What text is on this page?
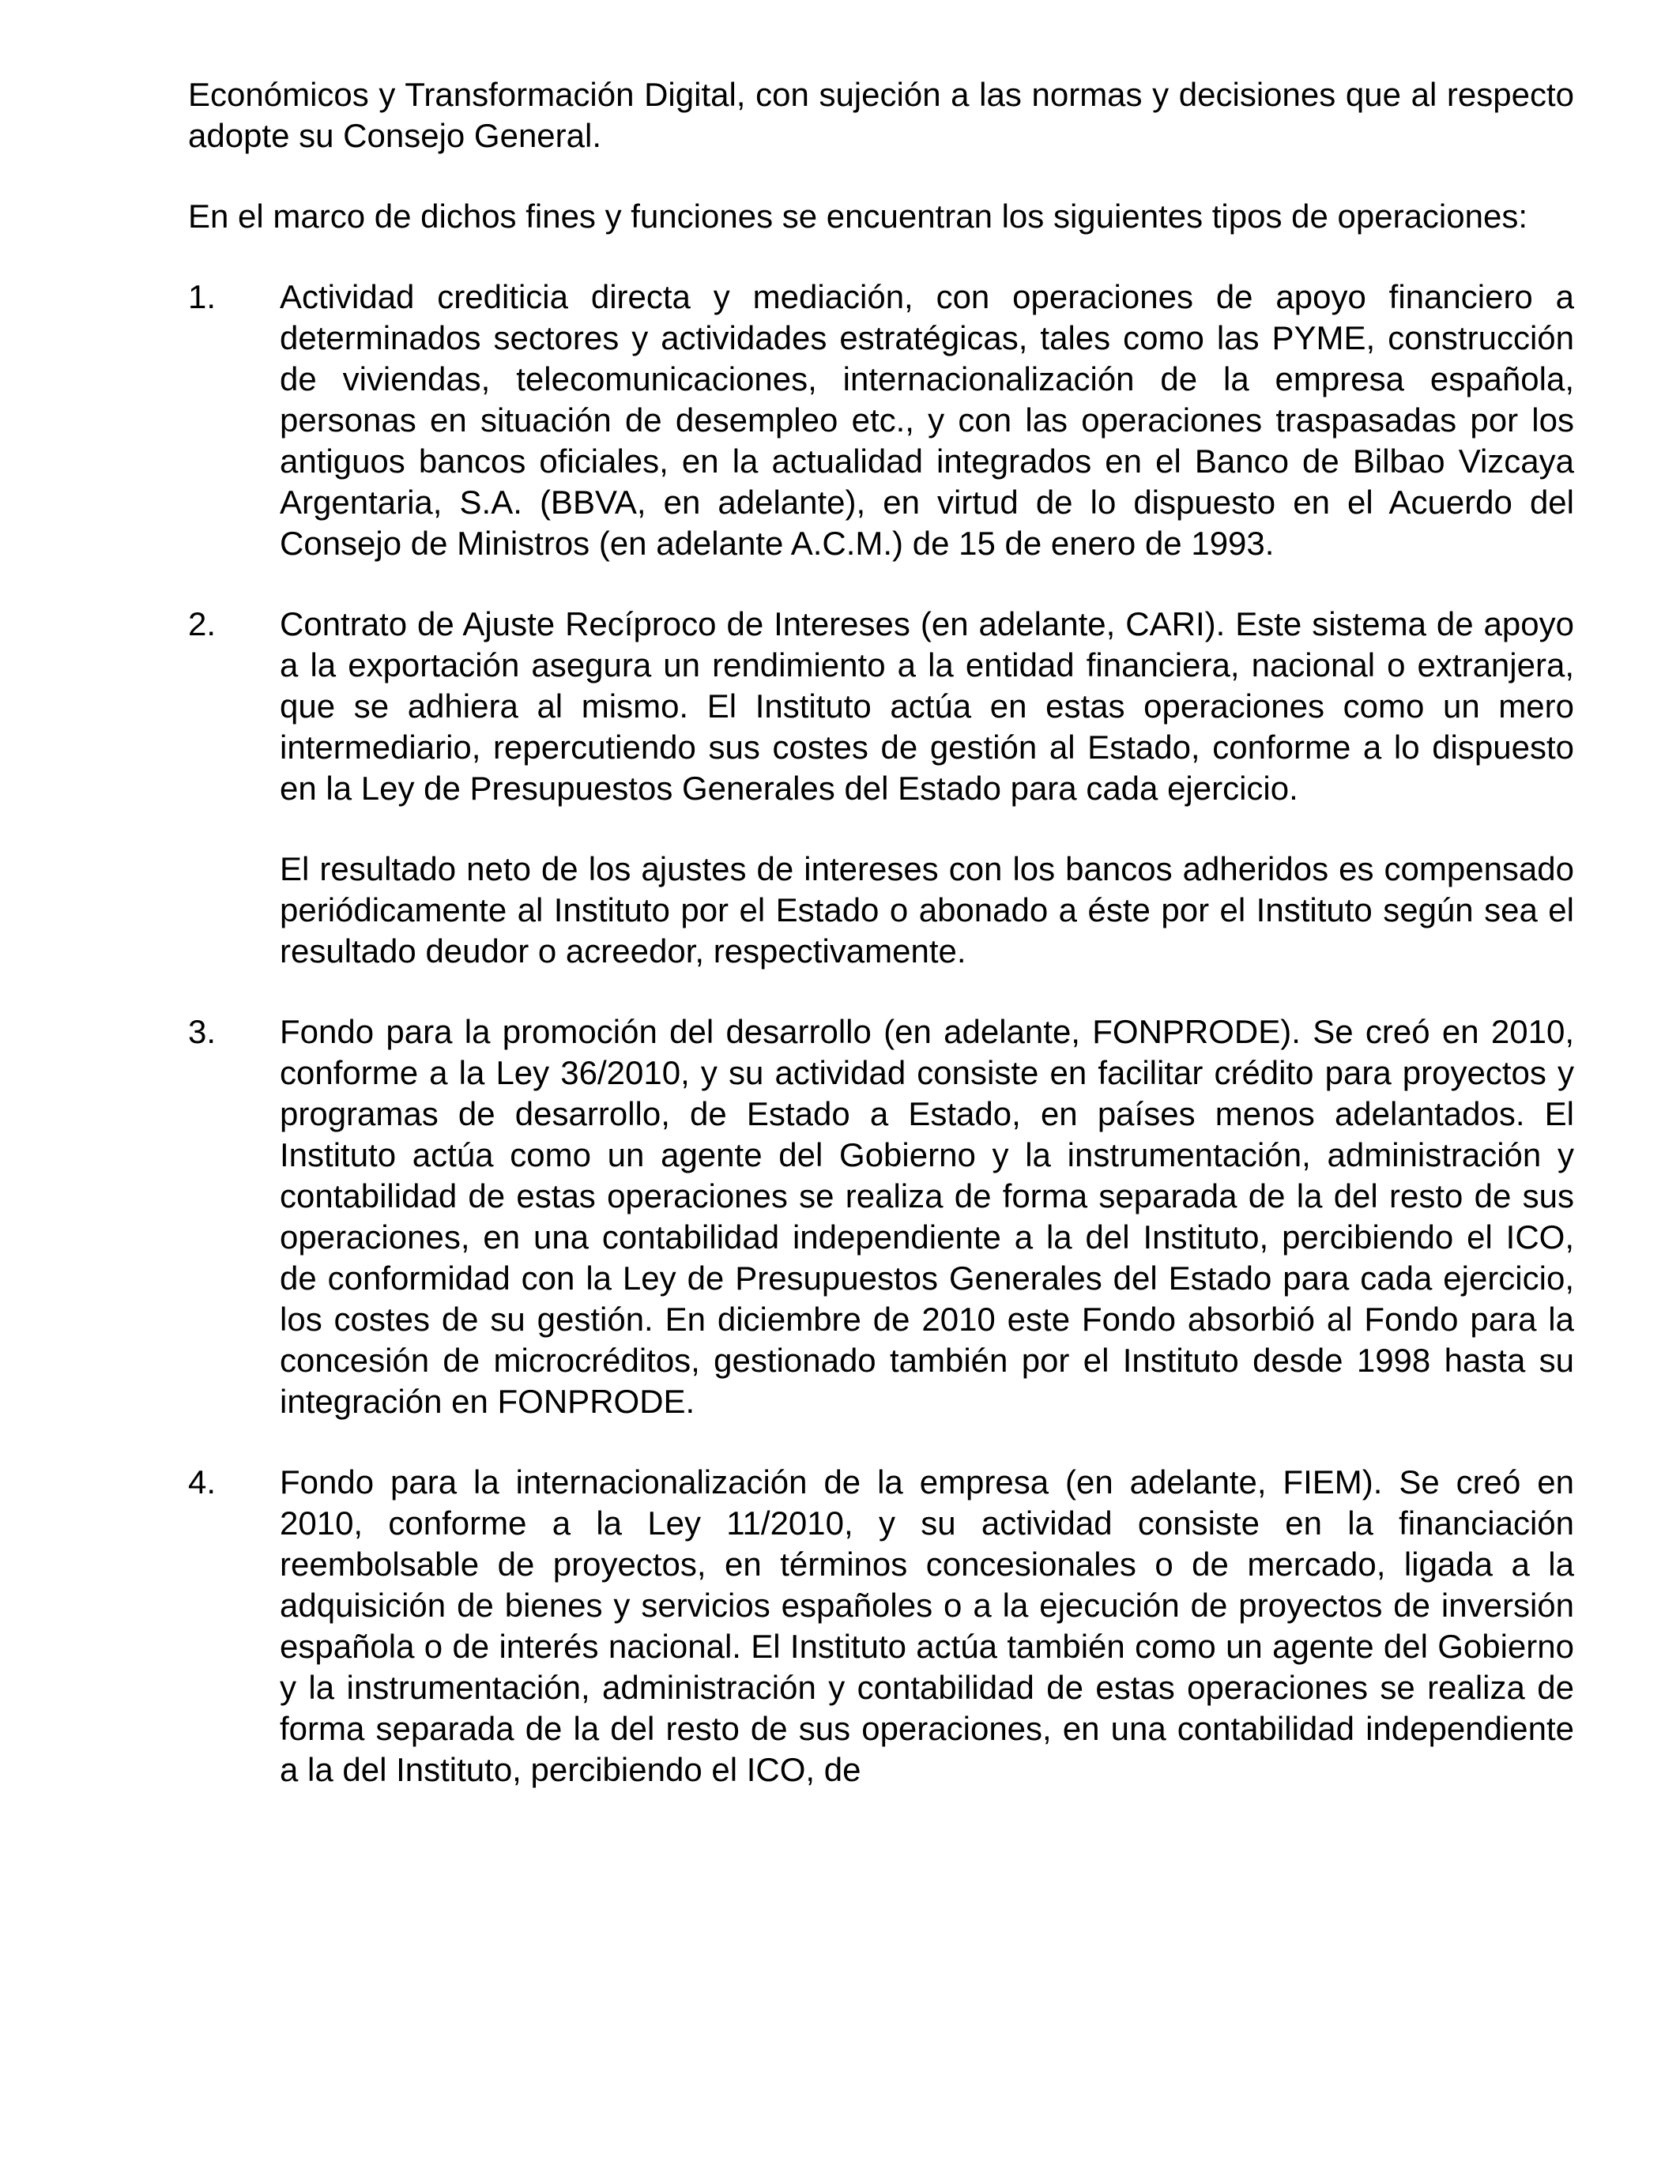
Económicos y Transformación Digital, con sujeción a las normas y decisiones que al respecto adopte su Consejo General.

En el marco de dichos fines y funciones se encuentran los siguientes tipos de operaciones:

1.	Actividad crediticia directa y mediación, con operaciones de apoyo financiero a determinados sectores y actividades estratégicas, tales como las PYME, construcción de viviendas, telecomunicaciones, internacionalización de la empresa española, personas en situación de desempleo etc., y con las operaciones traspasadas por los antiguos bancos oficiales, en la actualidad integrados en el Banco de Bilbao Vizcaya Argentaria, S.A. (BBVA, en adelante), en virtud de lo dispuesto en el Acuerdo del Consejo de Ministros (en adelante A.C.M.) de 15 de enero de 1993.

2.	Contrato de Ajuste Recíproco de Intereses (en adelante, CARI). Este sistema de apoyo a la exportación asegura un rendimiento a la entidad financiera, nacional o extranjera, que se adhiera al mismo. El Instituto actúa en estas operaciones como un mero intermediario, repercutiendo sus costes de gestión al Estado, conforme a lo dispuesto en la Ley de Presupuestos Generales del Estado para cada ejercicio.

El resultado neto de los ajustes de intereses con los bancos adheridos es compensado periódicamente al Instituto por el Estado o abonado a éste por el Instituto según sea el resultado deudor o acreedor, respectivamente.

3.	Fondo para la promoción del desarrollo (en adelante, FONPRODE). Se creó en 2010, conforme a la Ley 36/2010, y su actividad consiste en facilitar crédito para proyectos y programas de desarrollo, de Estado a Estado, en países menos adelantados. El Instituto actúa como un agente del Gobierno y la instrumentación, administración y contabilidad de estas operaciones se realiza de forma separada de la del resto de sus operaciones, en una contabilidad independiente a la del Instituto, percibiendo el ICO, de conformidad con la Ley de Presupuestos Generales del Estado para cada ejercicio, los costes de su gestión. En diciembre de 2010 este Fondo absorbió al Fondo para la concesión de microcréditos, gestionado también por el Instituto desde 1998 hasta su integración en FONPRODE.

4.	Fondo para la internacionalización de la empresa (en adelante, FIEM). Se creó en 2010, conforme a la Ley 11/2010, y su actividad consiste en la financiación reembolsable de proyectos, en términos concesionales o de mercado, ligada a la adquisición de bienes y servicios españoles o a la ejecución de proyectos de inversión española o de interés nacional. El Instituto actúa también como un agente del Gobierno y la instrumentación, administración y contabilidad de estas operaciones se realiza de forma separada de la del resto de sus operaciones, en una contabilidad independiente a la del Instituto, percibiendo el ICO, de
